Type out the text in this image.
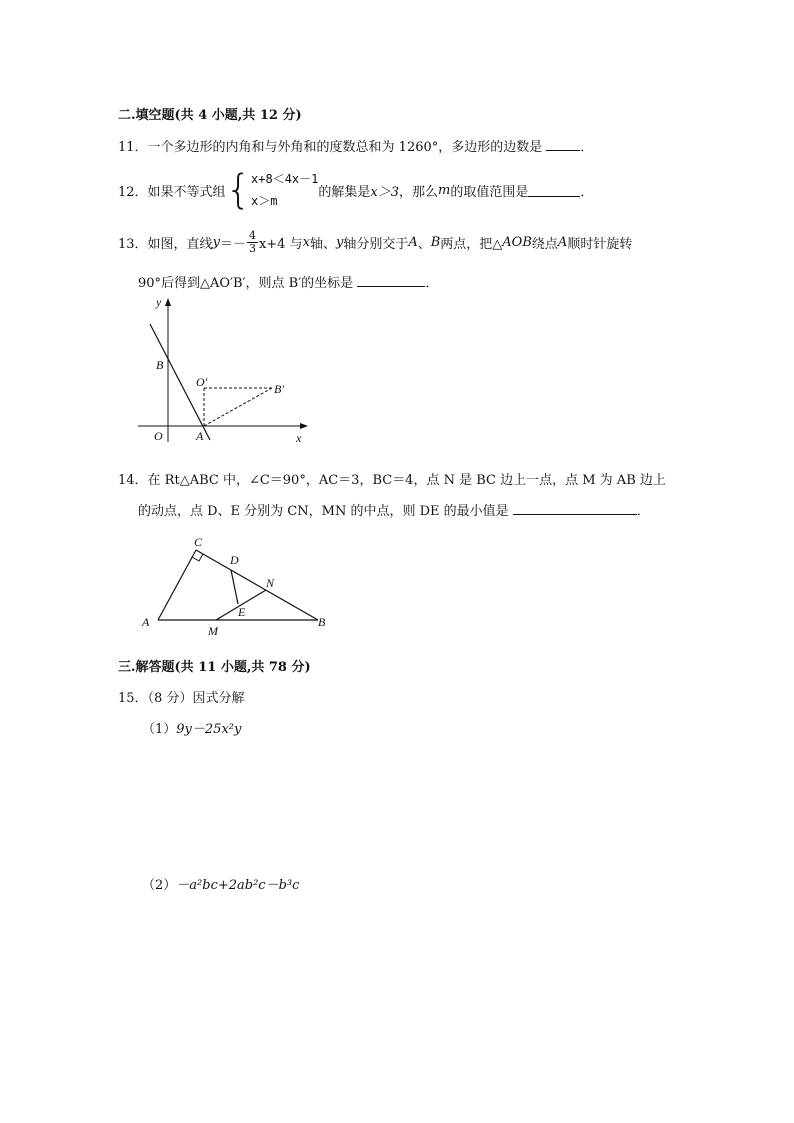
二.填空题(共 4 小题,共 12 分)
11．一个多边形的内角和与外角和的度数总和为 1260°，多边形的边数是	．
12． 如果不等式组 { x+8＜4x－1
x＞m
的解集是 x＞3 ，那么 m 的取值范围是	．
13． 如图，直线 y ＝ － $\frac{4}{3} x+4$ 与 x 轴、 y 轴分别交于 A 、 B 两点，把△ AOB 绕点 A 顺时针旋转
90°后得到△AO′B′，则点 B′的坐标是	．
y
x
O	A
B
O′	B′
14．在 Rt△ABC 中，∠C＝90°，AC＝3，BC＝4，点 N 是 BC 边上一点，点 M 为 AB 边上
的动点，点 D、E 分别为 CN，MN 的中点，则 DE 的最小值是	．
C
D
N
E
A
M
B
三.解答题(共 11 小题,共 78 分)
15．（8 分）因式分解
（1）9y－25x²y
（2）－a²bc+2ab²c－b³c
